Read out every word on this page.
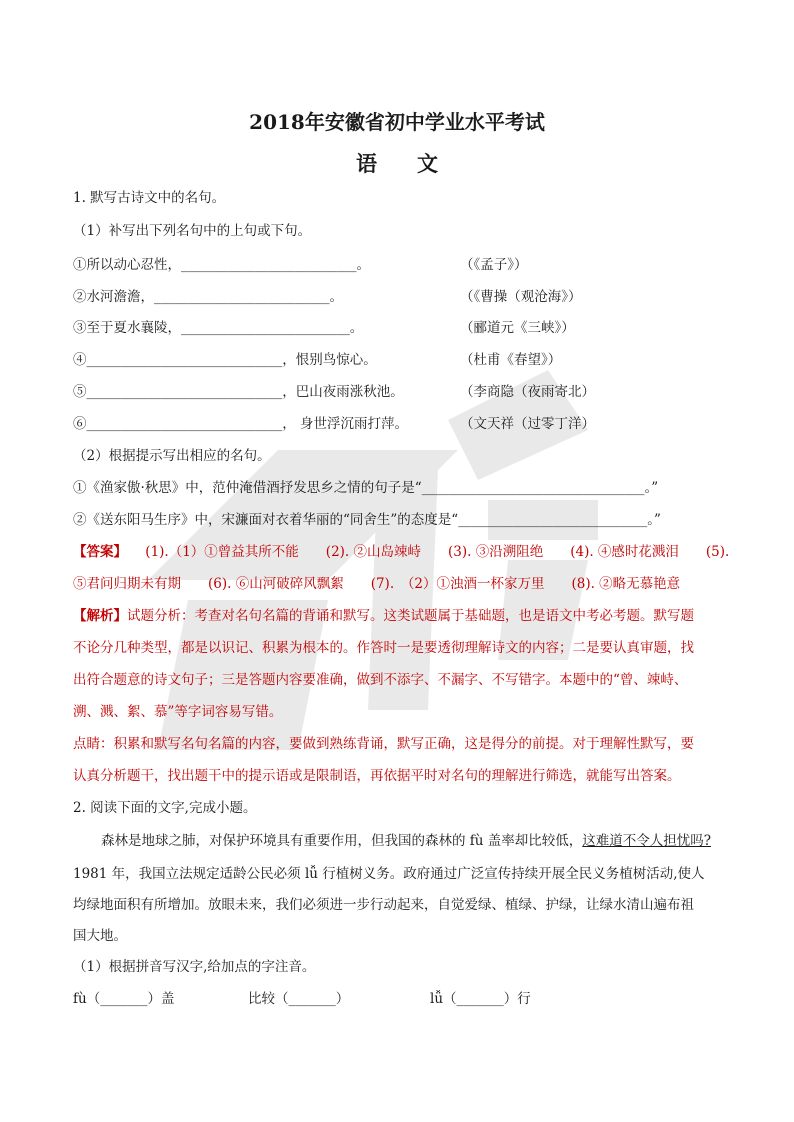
2018年安徽省初中学业水平考试
语文
1. 默写古诗文中的名句。
（1）补写出下列名句中的上句或下句。
①所以动心忍性，__________________________。	（《孟子》）
②水河澹澹，__________________________。	（《曹操（观沧海》）
③至于夏水襄陵，_________________________。	（郦道元《三峡》）
④_____________________________，恨别鸟惊心。	（杜甫《春望》）
⑤_____________________________，巴山夜雨涨秋池。	（李商隐（夜雨寄北）
⑥_____________________________， 身世浮沉雨打萍。	（文天祥（过零丁洋）
（2）根据提示写出相应的名句。
①《渔家傲·秋思》中，范仲淹借酒抒发思乡之情的句子是“_________________________________。”
②《送东阳马生序》中，宋濂面对衣着华丽的“同舍生”的态度是“____________________________。”
【答案】 (1).（1）①曾益其所不能　　(2). ②山岛竦峙　　(3). ③沿溯阻绝　　(4). ④感时花溅泪　　(5).
⑤君问归期未有期　　(6). ⑥山河破碎风飘絮　　(7).　（2）①浊酒一杯家万里　　(8). ②略无慕艳意
【解析】试题分析：考查对名句名篇的背诵和默写。这类试题属于基础题，也是语文中考必考题。默写题
不论分几种类型，都是以识记、积累为根本的。作答时一是要透彻理解诗文的内容；二是要认真审题，找
出符合题意的诗文句子；三是答题内容要准确，做到不添字、不漏字、不写错字。本题中的“曾、竦峙、
溯、溅、絮、慕”等字词容易写错。
点睛：积累和默写名句名篇的内容，要做到熟练背诵，默写正确，这是得分的前提。对于理解性默写，要
认真分析题干，找出题干中的提示语或是限制语，再依据平时对名句的理解进行筛选，就能写出答案。
2. 阅读下面的文字,完成小题。
森林是地球之肺，对保护环境具有重要作用，但我国的森林的 fù 盖率却比较低，这难道不令人担忧吗?
1981 年，我国立法规定适龄公民必须 lǚ 行植树义务。政府通过广泛宣传持续开展全民义务植树活动,使人
均绿地面积有所增加。放眼未来，我们必须进一步行动起来，自觉爱绿、植绿、护绿，让绿水清山遍布祖
国大地。
（1）根据拼音写汉字,给加点的字注音。
fù（_______）盖	比较（_______）	lǚ（_______）行
